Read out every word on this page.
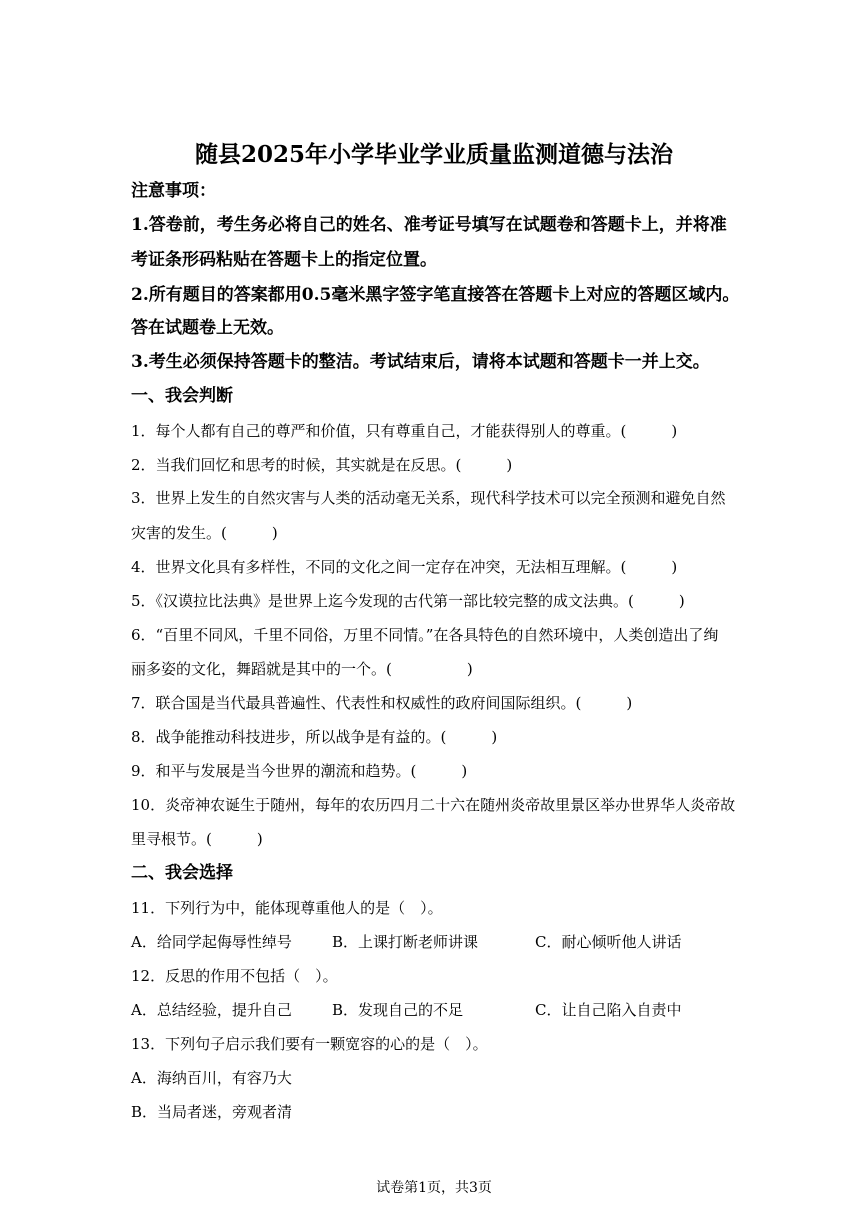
随县2025年小学毕业学业质量监测道德与法治
注意事项：
1.答卷前，考生务必将自己的姓名、准考证号填写在试题卷和答题卡上，并将准
考证条形码粘贴在答题卡上的指定位置。
2.所有题目的答案都用0.5毫米黑字签字笔直接答在答题卡上对应的答题区域内。
答在试题卷上无效。
3.考生必须保持答题卡的整洁。考试结束后，请将本试题和答题卡一并上交。
一、我会判断
1．每个人都有自己的尊严和价值，只有尊重自己，才能获得别人的尊重。(　　　)
2．当我们回忆和思考的时候，其实就是在反思。(　　　)
3．世界上发生的自然灾害与人类的活动毫无关系，现代科学技术可以完全预测和避免自然
灾害的发生。(　　　)
4．世界文化具有多样性，不同的文化之间一定存在冲突，无法相互理解。(　　　)
5．《汉谟拉比法典》是世界上迄今发现的古代第一部比较完整的成文法典。(　　　)
6．“百里不同风，千里不同俗，万里不同情。”在各具特色的自然环境中，人类创造出了绚
丽多姿的文化，舞蹈就是其中的一个。(　　　　　)
7．联合国是当代最具普遍性、代表性和权威性的政府间国际组织。(　　　)
8．战争能推动科技进步，所以战争是有益的。(　　　)
9．和平与发展是当今世界的潮流和趋势。(　　　)
10．炎帝神农诞生于随州，每年的农历四月二十六在随州炎帝故里景区举办世界华人炎帝故
里寻根节。(　　　)
二、我会选择
11．下列行为中，能体现尊重他人的是（　）。
A．给同学起侮辱性绰号	B．上课打断老师讲课	C．耐心倾听他人讲话
12．反思的作用不包括（　）。
A．总结经验，提升自己	B．发现自己的不足	C．让自己陷入自责中
13．下列句子启示我们要有一颗宽容的心的是（　）。
A．海纳百川，有容乃大
B．当局者迷，旁观者清
试卷第1页，共3页
